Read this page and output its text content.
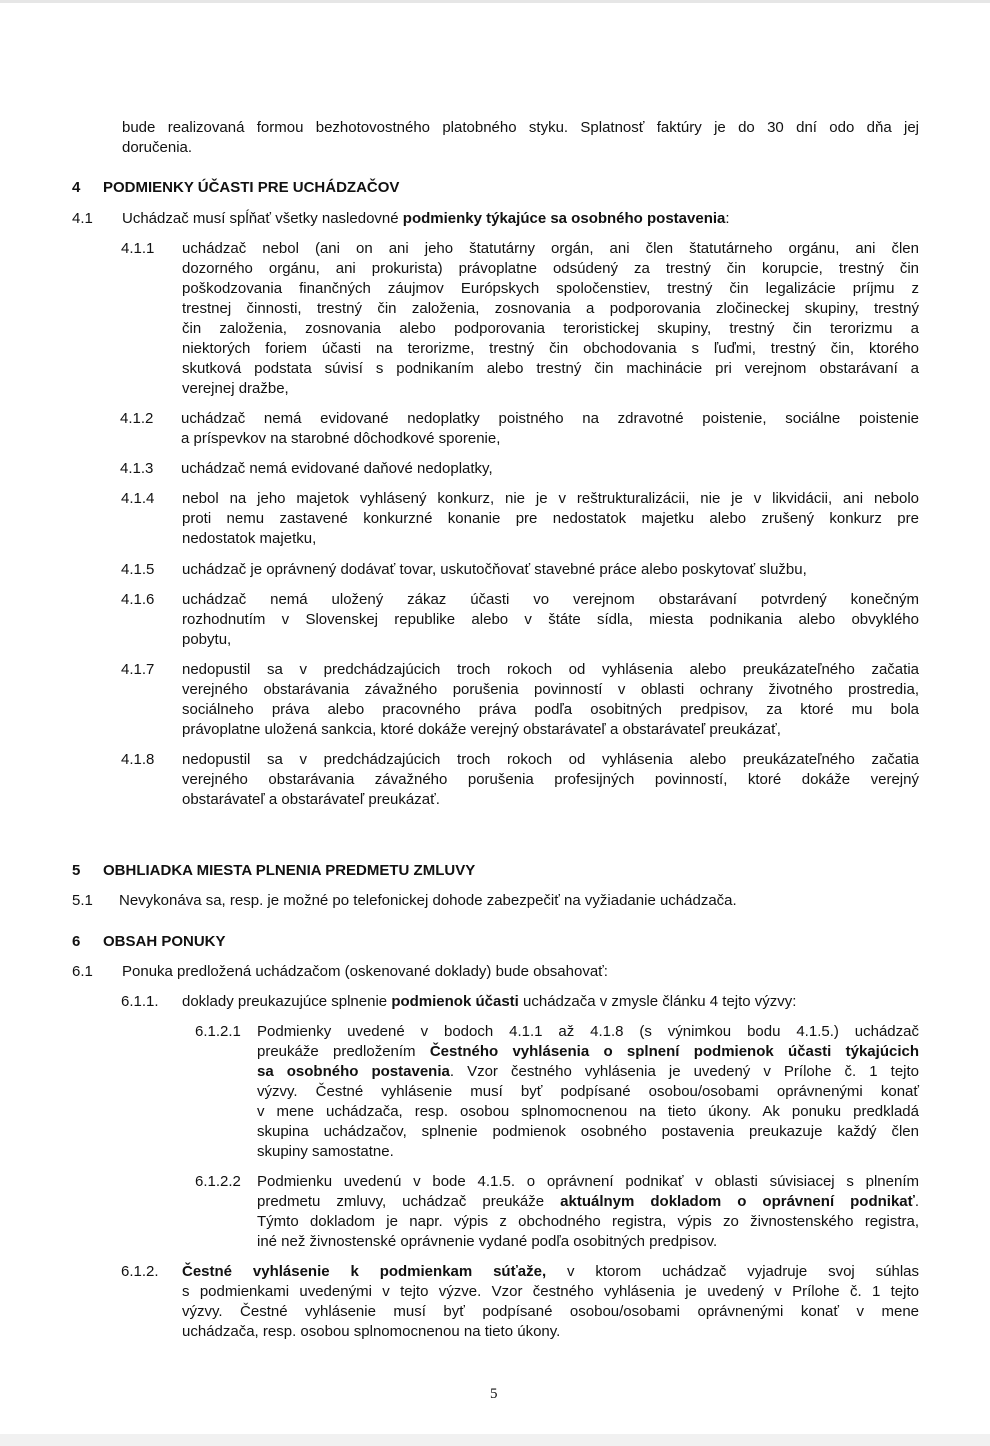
bude realizovaná formou bezhotovostného platobného styku. Splatnosť faktúry je do 30 dní odo dňa jej
doručenia.
4 PODMIENKY ÚČASTI PRE UCHÁDZAČOV
4.1 Uchádzač musí spĺňať všetky nasledovné podmienky týkajúce sa osobného postavenia:
4.1.1 uchádzač nebol (ani on ani jeho štatutárny orgán, ani člen štatutárneho orgánu, ani člen
dozorného orgánu, ani prokurista) právoplatne odsúdený za trestný čin korupcie, trestný čin
poškodzovania finančných záujmov Európskych spoločenstiev, trestný čin legalizácie príjmu z
trestnej činnosti, trestný čin založenia, zosnovania a podporovania zločineckej skupiny, trestný
čin založenia, zosnovania alebo podporovania teroristickej skupiny, trestný čin terorizmu a
niektorých foriem účasti na terorizme, trestný čin obchodovania s ľuďmi, trestný čin, ktorého
skutková podstata súvisí s podnikaním alebo trestný čin machinácie pri verejnom obstarávaní a
verejnej dražbe,
4.1.2 uchádzač nemá evidované nedoplatky poistného na zdravotné poistenie, sociálne poistenie
a príspevkov na starobné dôchodkové sporenie,
4.1.3 uchádzač nemá evidované daňové nedoplatky,
4.1.4 nebol na jeho majetok vyhlásený konkurz, nie je v reštrukturalizácii, nie je v likvidácii, ani nebolo
proti nemu zastavené konkurzné konanie pre nedostatok majetku alebo zrušený konkurz pre
nedostatok majetku,
4.1.5 uchádzač je oprávnený dodávať tovar, uskutočňovať stavebné práce alebo poskytovať službu,
4.1.6 uchádzač nemá uložený zákaz účasti vo verejnom obstarávaní potvrdený konečným
rozhodnutím v Slovenskej republike alebo v štáte sídla, miesta podnikania alebo obvyklého
pobytu,
4.1.7 nedopustil sa v predchádzajúcich troch rokoch od vyhlásenia alebo preukázateľného začatia
verejného obstarávania závažného porušenia povinností v oblasti ochrany životného prostredia,
sociálneho práva alebo pracovného práva podľa osobitných predpisov, za ktoré mu bola
právoplatne uložená sankcia, ktoré dokáže verejný obstarávateľ a obstarávateľ preukázať,
4.1.8 nedopustil sa v predchádzajúcich troch rokoch od vyhlásenia alebo preukázateľného začatia
verejného obstarávania závažného porušenia profesijných povinností, ktoré dokáže verejný
obstarávateľ a obstarávateľ preukázať.
5 OBHLIADKA MIESTA PLNENIA PREDMETU ZMLUVY
5.1 Nevykonáva sa, resp. je možné po telefonickej dohode zabezpečiť na vyžiadanie uchádzača.
6 OBSAH PONUKY
6.1 Ponuka predložená uchádzačom (oskenované doklady) bude obsahovať:
6.1.1. doklady preukazujúce splnenie podmienok účasti uchádzača v zmysle článku 4 tejto výzvy:
6.1.2.1 Podmienky uvedené v bodoch 4.1.1 až 4.1.8 (s výnimkou bodu 4.1.5.) uchádzač
preukáže predložením Čestného vyhlásenia o splnení podmienok účasti týkajúcich
sa osobného postavenia. Vzor čestného vyhlásenia je uvedený v Prílohe č. 1 tejto
výzvy. Čestné vyhlásenie musí byť podpísané osobou/osobami oprávnenými konať
v mene uchádzača, resp. osobou splnomocnenou na tieto úkony. Ak ponuku predkladá
skupina uchádzačov, splnenie podmienok osobného postavenia preukazuje každý člen
skupiny samostatne.
6.1.2.2 Podmienku uvedenú v bode 4.1.5. o oprávnení podnikať v oblasti súvisiacej s plnením
predmetu zmluvy, uchádzač preukáže aktuálnym dokladom o oprávnení podnikať.
Týmto dokladom je napr. výpis z obchodného registra, výpis zo živnostenského registra,
iné než živnostenské oprávnenie vydané podľa osobitných predpisov.
6.1.2. Čestné vyhlásenie k podmienkam súťaže, v ktorom uchádzač vyjadruje svoj súhlas
s podmienkami uvedenými v tejto výzve. Vzor čestného vyhlásenia je uvedený v Prílohe č. 1 tejto
výzvy. Čestné vyhlásenie musí byť podpísané osobou/osobami oprávnenými konať v mene
uchádzača, resp. osobou splnomocnenou na tieto úkony.
5
